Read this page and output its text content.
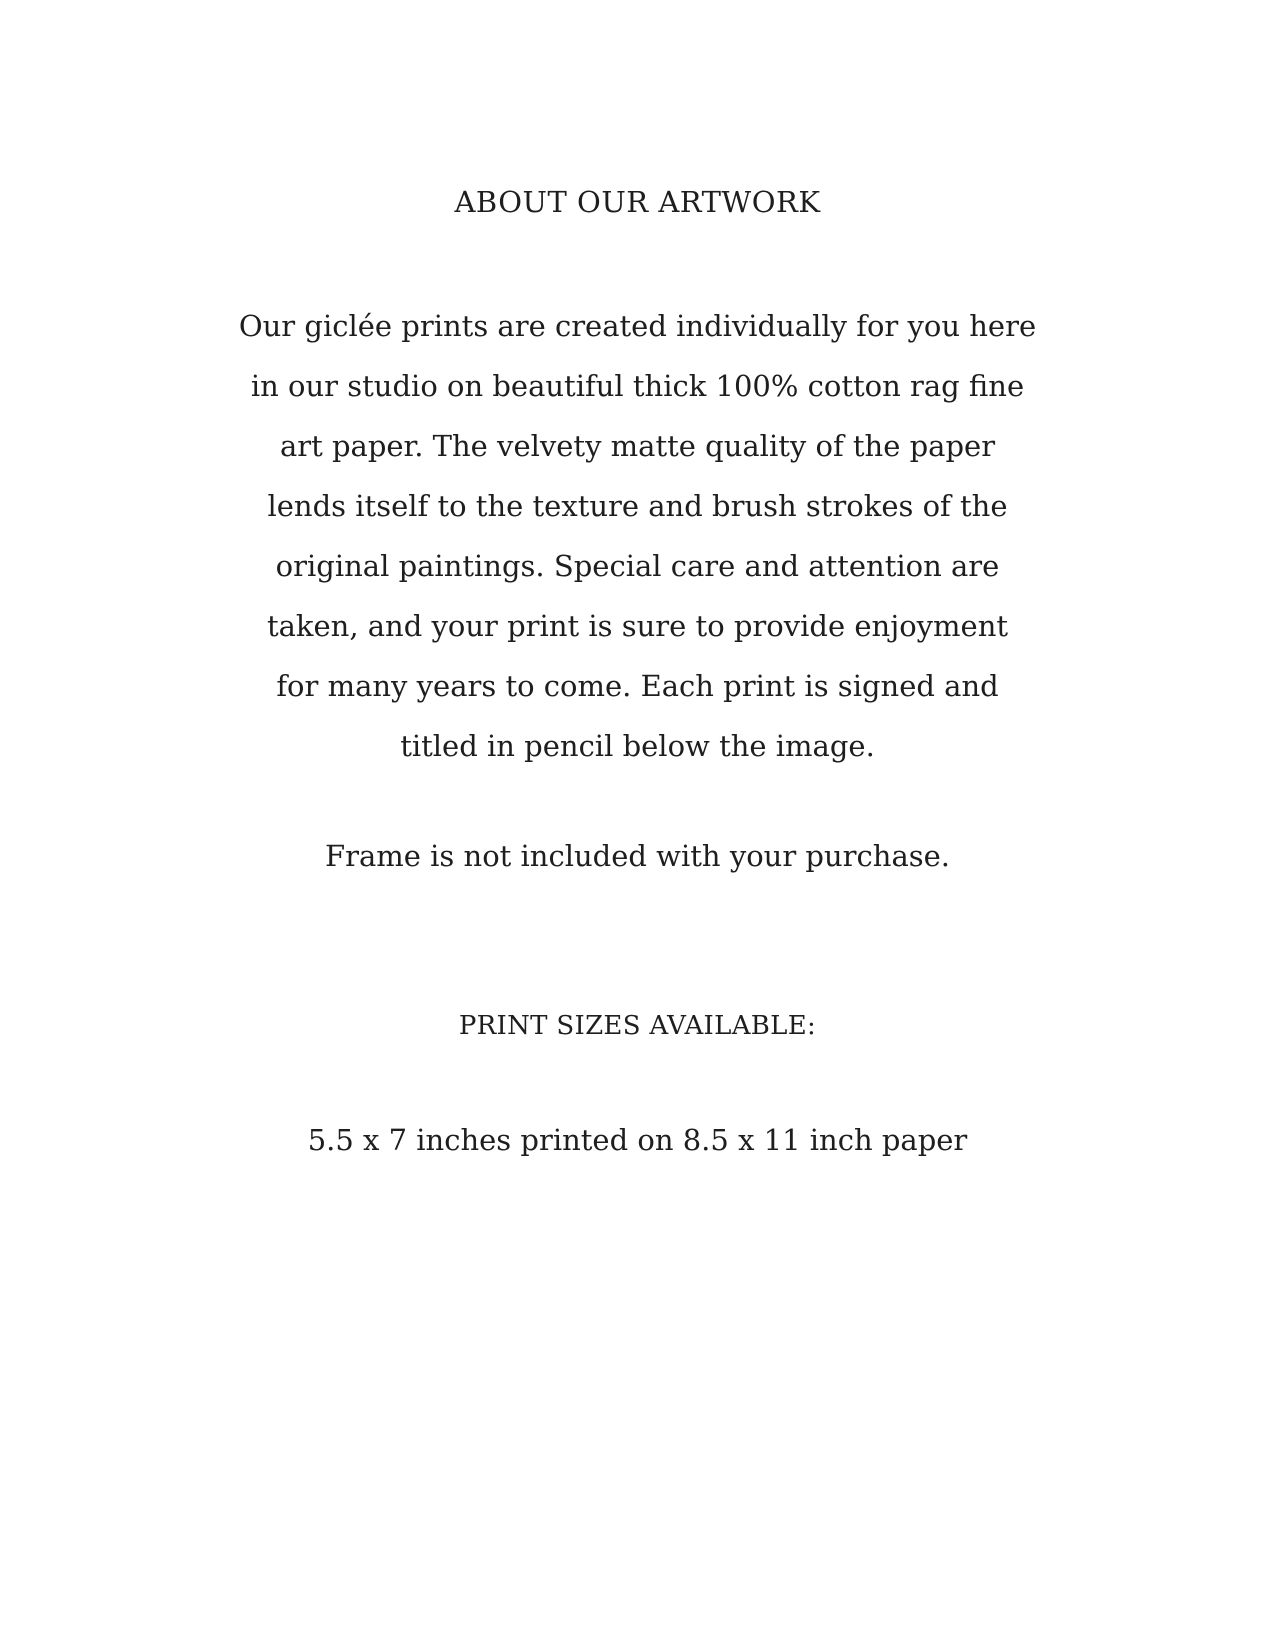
ABOUT OUR ARTWORK
Our giclée prints are created individually for you here
in our studio on beautiful thick 100% cotton rag fine
art paper. The velvety matte quality of the paper
lends itself to the texture and brush strokes of the
original paintings. Special care and attention are
taken, and your print is sure to provide enjoyment
for many years to come. Each print is signed and
titled in pencil below the image.
Frame is not included with your purchase.
PRINT SIZES AVAILABLE:
5.5 x 7 inches printed on 8.5 x 11 inch paper
